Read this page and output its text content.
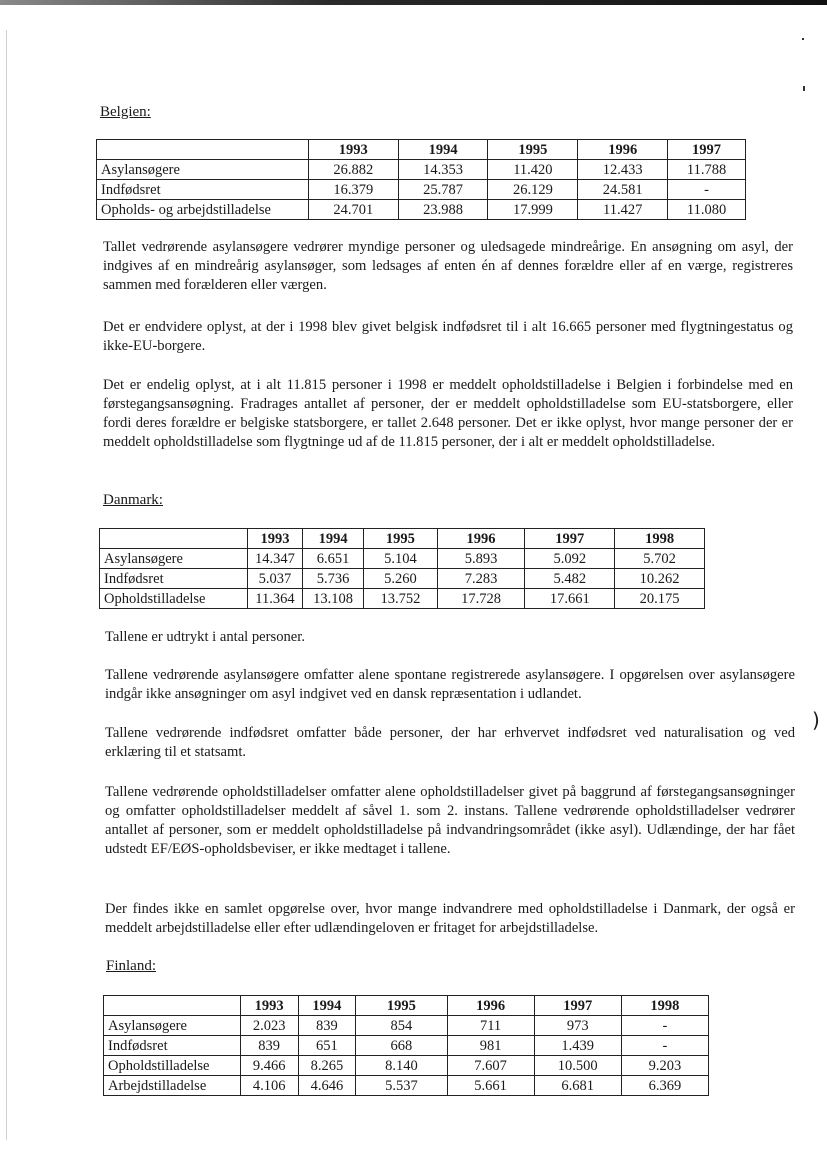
)

Belgien:

	1993	1994	1995	1996	1997
Asylansøgere	26.882	14.353	11.420	12.433	11.788
Indfødsret	16.379	25.787	26.129	24.581	-
Opholds- og arbejdstilladelse	24.701	23.988	17.999	11.427	11.080

Tallet vedrørende asylansøgere vedrører myndige personer og uledsagede mindreårige. En ansøgning om asyl, der indgives af en mindreårig asylansøger, som ledsages af enten én af dennes forældre eller af en værge, registreres sammen med forælderen eller værgen.

Det er endvidere oplyst, at der i 1998 blev givet belgisk indfødsret til i alt 16.665 personer med flygtningestatus og ikke-EU-borgere.

Det er endelig oplyst, at i alt 11.815 personer i 1998 er meddelt opholdstilladelse i Belgien i forbindelse med en førstegangsansøgning. Fradrages antallet af personer, der er meddelt opholdstilladelse som EU-statsborgere, eller fordi deres forældre er belgiske statsborgere, er tallet 2.648 personer. Det er ikke oplyst, hvor mange personer der er meddelt opholdstilladelse som flygtninge ud af de 11.815 personer, der i alt er meddelt opholdstilladelse.

Danmark:

	1993	1994	1995	1996	1997	1998
Asylansøgere	14.347	6.651	5.104	5.893	5.092	5.702
Indfødsret	5.037	5.736	5.260	7.283	5.482	10.262
Opholdstilladelse	11.364	13.108	13.752	17.728	17.661	20.175

Tallene er udtrykt i antal personer.

Tallene vedrørende asylansøgere omfatter alene spontane registrerede asylansøgere. I opgørelsen over asylansøgere indgår ikke ansøgninger om asyl indgivet ved en dansk repræsentation i udlandet.

Tallene vedrørende indfødsret omfatter både personer, der har erhvervet indfødsret ved naturalisation og ved erklæring til et statsamt.

Tallene vedrørende opholdstilladelser omfatter alene opholdstilladelser givet på baggrund af førstegangsansøgninger og omfatter opholdstilladelser meddelt af såvel 1. som 2. instans. Tallene vedrørende opholdstilladelser vedrører antallet af personer, som er meddelt opholdstilladelse på indvandringsområdet (ikke asyl). Udlændinge, der har fået udstedt EF/EØS-opholdsbeviser, er ikke medtaget i tallene.

Der findes ikke en samlet opgørelse over, hvor mange indvandrere med opholdstilladelse i Danmark, der også er meddelt arbejdstilladelse eller efter udlændingeloven er fritaget for arbejdstilladelse.

Finland:

	1993	1994	1995	1996	1997	1998
Asylansøgere	2.023	839	854	711	973	-
Indfødsret	839	651	668	981	1.439	-
Opholdstilladelse	9.466	8.265	8.140	7.607	10.500	9.203
Arbejdstilladelse	4.106	4.646	5.537	5.661	6.681	6.369
